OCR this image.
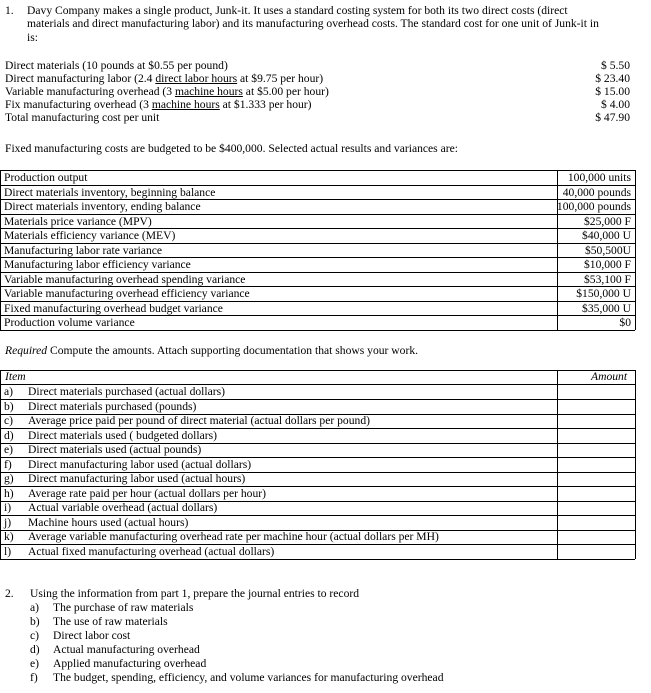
1. Davy Company makes a single product, Junk-it. It uses a standard costing system for both its two direct costs (direct
materials and direct manufacturing labor) and its manufacturing overhead costs. The standard cost for one unit of Junk-it in
is:
Direct materials (10 pounds at $0.55 per pound)	$ 5.50
Direct manufacturing labor (2.4 direct labor hours at $9.75 per hour)	$ 23.40
Variable manufacturing overhead (3 machine hours at $5.00 per hour)	$ 15.00
Fix manufacturing overhead (3 machine hours at $1.333 per hour)	$ 4.00
Total manufacturing cost per unit	$ 47.90
Fixed manufacturing costs are budgeted to be $400,000. Selected actual results and variances are:
Production output	100,000 units
Direct materials inventory, beginning balance	40,000 pounds
Direct materials inventory, ending balance	100,000 pounds
Materials price variance (MPV)	$25,000 F
Materials efficiency variance (MEV)	$40,000 U
Manufacturing labor rate variance	$50,500U
Manufacturing labor efficiency variance	$10,000 F
Variable manufacturing overhead spending variance	$53,100 F
Variable manufacturing overhead efficiency variance	$150,000 U
Fixed manufacturing overhead budget variance	$35,000 U
Production volume variance	$0
Required Compute the amounts. Attach supporting documentation that shows your work.
Item	Amount
a) Direct materials purchased (actual dollars)
b) Direct materials purchased (pounds)
c) Average price paid per pound of direct material (actual dollars per pound)
d) Direct materials used ( budgeted dollars)
e) Direct materials used (actual pounds)
f) Direct manufacturing labor used (actual dollars)
g) Direct manufacturing labor used (actual hours)
h) Average rate paid per hour (actual dollars per hour)
i) Actual variable overhead (actual dollars)
j) Machine hours used (actual hours)
k) Average variable manufacturing overhead rate per machine hour (actual dollars per MH)
l) Actual fixed manufacturing overhead (actual dollars)
2. Using the information from part 1, prepare the journal entries to record
a) The purchase of raw materials
b) The use of raw materials
c) Direct labor cost
d) Actual manufacturing overhead
e) Applied manufacturing overhead
f) The budget, spending, efficiency, and volume variances for manufacturing overhead
